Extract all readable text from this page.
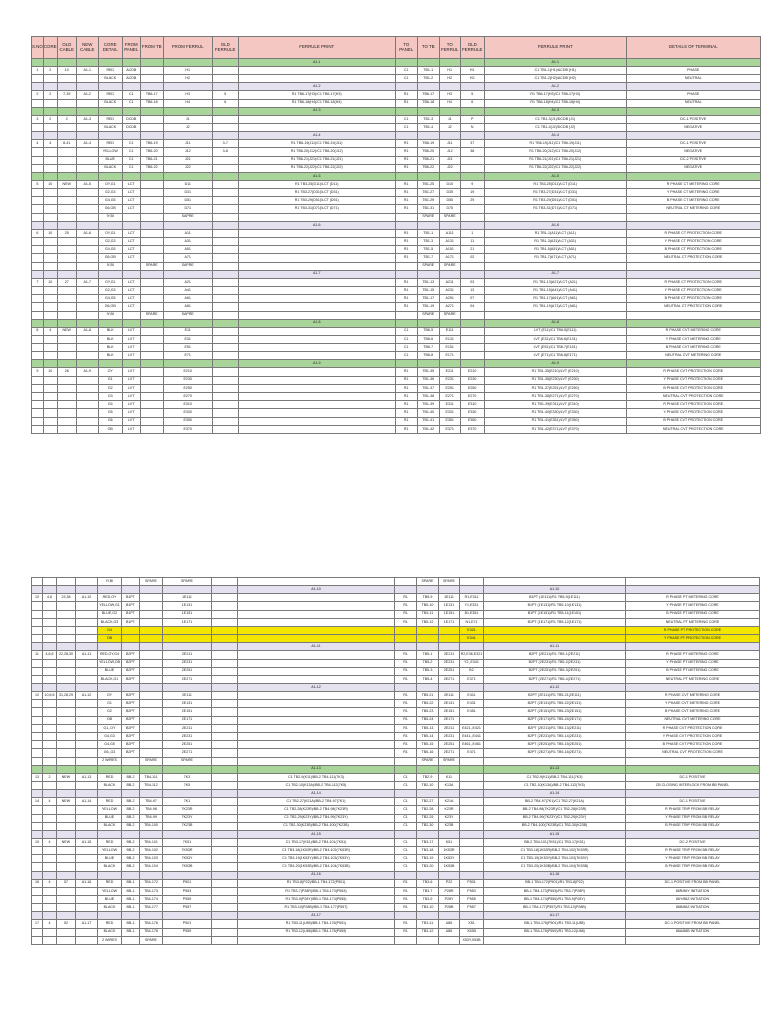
S.NO	CORE	OLD CABLE	NEW CABLE	CORE DETAIL	FROM PANEL	FROM TB	FROM FERRUL	OLD FERRULE	FERRULE PRINT	TO PANEL	TO TB	TO FERRUL	OLD FERRULE	FERRULE PRINT	DETAILS OF TERMINAL
									A1-1					A1-1	
1	2	10	A1-1	RED	ACDB		H1			C1	TB1-1	H1	H1	C1 TB1-1(H1)/ACDB (H1)	PHASE
				BLACK	ACDB		H2			C1	TB1-2	H2	H2	C1 TB1-2(H2)/ACDB (H2)	NEUTRAL
									A1-2					A1-2	
2	2	7-39	A1-2	RED	C1	TB6-17	H3	5	R1 TB6-17(H3)/C1 TB6-17(H3)	R1	TB6-17	H3	5	R1 TB6-17(H3)/C1 TB6-17(H3)	PHASE
				BLACK	C1	TB6-18	H4	6	R1 TB6-18(H4)/C1 TB6-18(H4)	R1	TB6-18	H4	6	R1 TB6-18(H4)/C1 TB6-18(H4)	NEUTRAL
									A1-3					A1-3	
3	2	2	A1-3	RED	DCDB		J1			C1	TB1-3	J1	P	C1 TB1-3(J1)/DCDB (J1)	DC-1 POSITIVE
				BLACK	DCDB		J2			C1	TB1-4	J2	N	C1 TB1-4(J2)/DCDB (J2)	NEGATIVE
									A1-4					A1-4	
4	4	8-41	A1-4	RED	C1	TB6-19	J11	3-7	R1 TB6-19(J11)/C1 TB6-19(J11)	R1	TB6-19	J11	37	R1 TB6-19(J11)/C1 TB6-19(J11)	DC-1 POSITIVE
				YELLOW	C1	TB6-20	J12	3-8	R1 TB6-20(J12)/C1 TB6-20(J12)	R1	TB6-20	J12	38	R1 TB6-20(J12)/C1 TB6-20(J12)	NEGATIVE
				BLUE	C1	TB6-21	J21		R1 TB6-21(J21)/C1 TB6-21(J21)	R1	TB6-21	J21		R1 TB6-21(J21)/C1 TB6-21(J21)	DC-2 POSITIVE
				BLACK	C1	TB6-22	J22		R1 TB6-22(J22)/C1 TB6-22(J22)	R1	TB6-22	J22		R1 TB6-22(J22)/C1 TB6-22(J22)	NEGATIVE
									A1-5					A1-5	
5	10	NEW	A1-5	OY,G1	LCT		D11		R1 TB3-25(D11)/LCT (D11)	R1	TB1-25	D15	9	R1 TB3-25(D11)/LCT (D11)	R PHASE CT METERING CORE
				G2,G3	LCT		D31		R1 TB3-27(D31)/LCT (D31)	R1	TB1-27	D35	19	R1 TB3-27(D31)/LCT (D31)	Y PHASE CT METERING CORE
				G4,G5	LCT		D51		R1 TB3-29(D51)/LCT (D51)	R1	TB1-29	D55	29	R1 TB3-29(D51)/LCT (D51)	B PHASE CT METERING CORE
				G6,OB	LCT		D71		R1 TB3-31(D71)/LCT (D71)	R1	TB1-31	D75		R1 TB3-31(D71)/LCT (D71)	NEUTRAL CT METERING CORE
				IY,BI			SAPRE				SPARE	SPARE			
									A1-6					A1-6	
6	10	25	A1-6	OY,G1	LCT		A11			R1	TB1-1	A111	1	R1 TB1-1(A11)/LCT (A11)	R PHASE CT PROTECTION CORE
				G2,G3	LCT		A31			R1	TB1-3	A131	11	R1 TB1-3(A31)/LCT (A31)	Y PHASE CT PROTECTION CORE
				G4,G5	LCT		A51			R1	TB1-5	A151	21	R1 TB1-5(A51)/LCT (A51)	B PHASE CT PROTECTION CORE
				G6,OB	LCT		A71			R1	TB1-7	A171	02	R1 TB1-7(A71)/LCT (A71)	NEUTRAL CT PROTECTION CORE
				IY,BI		SPARE	SAPRE				SPARE	SPARE			
									A1-7					A1-7	
7	10	27	A1-7	OY,G1	LCT		A21			R1	TB1-13	A211	03	R1 TB1-13(A21)/LCT (A21)	R PHASE CT PROTECTION CORE
				G2,G3	LCT		A41			R1	TB1-15	A231	13	R1 TB1-15(A41)/LCT (A41)	Y PHASE CT PROTECTION CORE
				G4,G5	LCT		A61			R1	TB1-17	A251	07	R1 TB1-17(A61)/LCT (A61)	B PHASE CT PROTECTION CORE
				G6,OB	LCT		A81			R1	TB1-19	A271	04	R1 TB1-19(A71)/LCT (A81)	NEUTRAL CT PROTECTION CORE
				IY,BI		SPARE	SAPRE				SPARE	SPARE			
									A1-8					A1-8	
8	4	NEW	A1-8	BLK	LVT		E11			C1	TB6-5	E111		LVT (E11)/C1 TB6-5(E111)	R PHASE CVT METERING CORE
				BLK	LVT		E31			C1	TB6-6	E131		LVT (E31)/C1 TB6-6(E131)	Y PHASE CVT METERING CORE
				BLK	LVT		E51			C1	TB6-7	E151		LVT (E51)/C1 TB6-7(E151)	B PHASE CVT METERING CORE
				BLK	LVT		E71			C1	TB6-8	E171		LVT (E71)/C1 TB6-8(E171)	NEUTRAL CVT METERING CORE
									A1-9					A1-9	
9	10	26	A1-9	OY	LVT		E210			R1	TB1-35	E211	E210	R1 TB1-35(E210)/LVT (E210)	R PHASE CVT PROTECTION CORE
				G1	LVT		E230			R1	TB1-36	E231	E230	R1 TB1-36(E230)/LVT (E230)	Y PHASE CVT PROTECTION CORE
				G2	LVT		E250			R1	TB1-37	E251	E250	R1 TB1-37(E251)/LVT (E250)	B PHASE CVT PROTECTION CORE
				G3	LVT		E270			R1	TB1-38	E271	E270	R1 TB1-38(E271)/LVT (E270)	NEUTRAL CVT PROTECTION CORE
				G4	LVT		E310			R1	TB1-39	E311	E310	R1 TB1-39(E311)/LVT (E310)	R PHASE CVT PROTECTION CORE
				G5	LVT		E330			R1	TB1-40	E331	E330	R1 TB1-40(E330)/LVT (E330)	Y PHASE CVT PROTECTION CORE
				G6	LVT		E350			R1	TB1-41	E351	E350	R1 TB1-41(E351)/LVT (E350)	B PHASE CVT PROTECTION CORE
				OB	LVT		E370			R1	TB1-42	E371	E370	R1 TB1-42(E371)/LVT (E370)	NEUTRAL CVT PROTECTION CORE
				IY,BI		SPARE	SPARE				SPARE	SPARE			
									A1-10					A1-10	
10	4,6	23,38	A1-10	RED,OY	B1PT		1E111			R1	TB5-9	1E111	R1,E311	B1PT (1E111)/R1 TB5-9(1E111)	R PHASE PT METERING CORE
				YELLOW,G1	B1PT		1E131			R1	TB5-10	1E131	Y1,E331	B1PT (1E131)/R1 TB5-10(1E131)	Y PHASE PT METERING CORE
				BLUE,G2	B1PT		1E151			R1	TB5-11	1E151	B1,E351	B1PT (1E151)/R1 TB5-11(1E151)	B PHASE PT METERING CORE
				BLACK,G3	B1PT		1E171			R1	TB5-12	1E171	N1,E71	B1PT (1E171)/R1 TB5-12(1E171)	NEUTRAL PT METERING CORE
				G4									E321		R PHASE PT PROTECTION CORE
				OB									E341		Y PHASE PT PROTECTION CORE
									A1-11					A1-11	
11	4,6,6	22,28,30	A1-11	RED,OY,G4	B2PT		2E211			R1	TB5-1	2E211	R2,E36,E321	B2PT (2E211)/R1 TB5-1(2E211)	R PHASE PT METERING CORE
				YELLOW,OB	B2PT		2E231			R1	TB5-2	2E231	Y2,,E341	B2PT (2E231)/R1 TB5-2(2E231)	Y PHASE PT METERING CORE
				BLUE	B2PT		2E251			R1	TB5-3	2E251	B2	B2PT (2E251)/R1 TB5-3(2E251)	B PHASE PT METERING CORE
				BLACK,G1	B2PT		2E271			R1	TB5-4	2E271	E371	B2PT (2E271)/R1 TB5-4(2E271)	NEUTRAL PT METERING CORE
									A1-12					A1-12	
12	10,6,6	31,28,29	A1-12	OY	B2PT		2E111			R1	TB5-21	2E111	E411	B2PT (2E111)/R1 TB5-21(2E111)	R PHASE CVT METERING CORE
				G1	B2PT		2E131			R1	TB5-22	2E131	E431	B2PT (2E131)/R1 TB5-22(2E131)	Y PHASE CVT METERING CORE
				G2	B2PT		2E151			R1	TB5-23	2E151	E451	B2PT (2E151)/R1 TB5-23(2E151)	B PHASE CVT METERING CORE
				OB	B2PT		2E171			R1	TB5-24	2E171		B2PT (2E171)/R1 TB5-24(2E171)	NEUTRAL CVT METERING CORE
				G1,,OY	B2PT		2E211			R1	TB5-13	2E211	E421,,E421	B2PT (2E211)/R1 TB5-13(2E211)	R PHASE CVT PROTECTION CORE
				G4,G3	B2PT		2E231			R1	TB5-14	2E231	E441,,E441	B2PT (2E231)/R1 TB5-14(2E231)	Y PHASE CVT PROTECTION CORE
				G4,G5	B2PT		2E251			R1	TB5-15	2E251	E461,,E461	B2PT (2E251)/R1 TB5-15(2E251)	B PHASE CVT PROTECTION CORE
				G6,,G3	B2PT		2E271			R1	TB5-16	2E271	E471	B2PT (2E271)/R1 TB5-16(2E271)	NEUTRAL CVT PROTECTION CORE
				2 WIRES		SPARE	SPARE				SPARE	SPARE			
									A1-13					A1-13	
13	2	NEW	A1-13	RED	BB-2	TB4-111	7K3		C1 TB2-9(K11)/BB-2 TB4-111(7K3)	C1	TB2-9	K11		C1 TB2-9(K11)/BB-2 TB4-111(7K3)	DC-1 POSITIVE
				BLACK	BB-2	TB4-112	7K5		C1 TB2-10(K13A)/BB-2 TB4-112(7K5)	C1	TB2-10	K13A		C1 TB2-10(K13A)/BB-2 TB4-112(7K5)	CB CLOSING INTERLOCK FROM BB PANEL
									A1-14					A1-14	
14	4	NEW	A1-14	RED	BB-2	TB4-97	7K1		C1 TB2-27(K21A)/BB-2 TB4-97(7K1)	C1	TB2-27	K21A		BB-2 TB4-97(7K1)/C1 TB2-27(K21A)	DC-1 POSITIVE
				YELLOW	BB-2	TB4-98	7K23R		C1 TB2-28(K23R)/BB-2 TB4-98(7K23R)	C1	TB2-28	K23R		BB-2 TB4-98(7K23R)/C1 TB2-28(K23R)	R PHASE TRIP FROM BB RELAY
				BLUE	BB-2	TB4-99	7K23Y		C1 TB2-29(K23Y)/BB-2 TB4-99(7K23Y)	C1	TB2-29	K23Y		BB-2 TB4-99(7K23Y)/C1 TB2-29(K23Y)	Y PHASE TRIP FROM BB RELAY
				BLACK	BB-2	TB4-100	7K23B		C1 TB2-30(K23B)/BB-2 TB4-100(7K23B)	C1	TB2-30	K23B		BB-2 TB4-100(7K23B)/C1 TB2-30(K23B)	B PHASE TRIP FROM BB RELAY
									A1-15					A1-15	
15	4	NEW	A1-15	RED	BB-2	TB4-101	7K51		C1 TB3-17(K51)/BB-2 TB4-101(7K51)	C1	TB3-17	K51		BB-2 TB4-101(7K51)/C1 TB3-17(K51)	DC-2 POSITIVE
				YELLOW	BB-2	TB4-102	7K53R		C1 TB3-18(1K53R)/BB-2 TB4-102(7K53R)	C1	TB3-18	1K53R		C1 TB3-18(1K53R)/BB-2 TB4-102(7K53R)	R PHASE TRIP FROM BB RELAY
				BLUE	BB-2	TB4-103	7K53Y		C1 TB3-19(1K53Y)/BB-2 TB4-103(7K53Y)	C1	TB3-19	1K53Y		C1 TB3-19(1K53Y)/BB-2 TB4-103(7K53Y)	Y PHASE TRIP FROM BB RELAY
				BLACK	BB-2	TB4-104	7K53B		C1 TB3-20(1K53B)/BB-2 TB4-104(7K53B)	C1	TB3-20	1K53B		C1 TB3-20(1K53B)/BB-2 TB4-104(7K53B)	B PHASE TRIP FROM BB RELAY
									A1-16					A1-16	
16	4	57	A1-16	RED	BB-1	TB4-172	P501		R1 TB3-8(P22)/BB-1 TB4-172(P501)	R1	TB3-6	P22	P501	BB-1 TB4-172(P501)/R1 TB3-8(P22)	DC-1 POSITIVE FROM BB PANEL
				YELLOW	BB-1	TB4-173	P553		R1 TB3-7(P28R)/BB-1 TB4-173(P553)	R1	TB3-7	P28R	P553	BB-1 TB4-173(P553)/R1 TB3-7(P28R)	86R/86Y INITIATION
				BLUE	BB-1	TB4-174	P555		R1 TB3-9(P28Y)/BB-1 TB4-174(P555)	R1	TB3-9	P28Y	P555	BB-1 TB4-174(P555)/R1 TB3-9(P28Y)	86Y/86Z INITIATION
				BLACK	BB-1	TB4-177	P557		R1 TB3-10(P28B)/BB-1 TB4-177(P557)	R1	TB3-10	P28B	P557	BB-1 TB4-177(P557)/R1 TB3-10(P28B)	86B/86Z INITIATION
									A1-17					A1-17	
17	4	52	A1-17	RED	BB-1	TB4-176	P501		R1 TB3-11(U85)/BB-1 TB4-176(P501)	R1	TB3-11	U85	X51	BB-1 TB4-176(P501)/R1 TB3-11(U85)	DC-1 POSITIVE FROM BB PANEL
				BLACK	BB-1	TB4-178	P559		R1 TB3-12(U86)/BB-1 TB4-178(P559)	R1	TB3-12	U86	X53B	BB-1 TB4-178(P559)/R1 TB3-12(U86)	86A/86B INITIATION
				2 WIRES		SPARE							X53Y,X53B		
